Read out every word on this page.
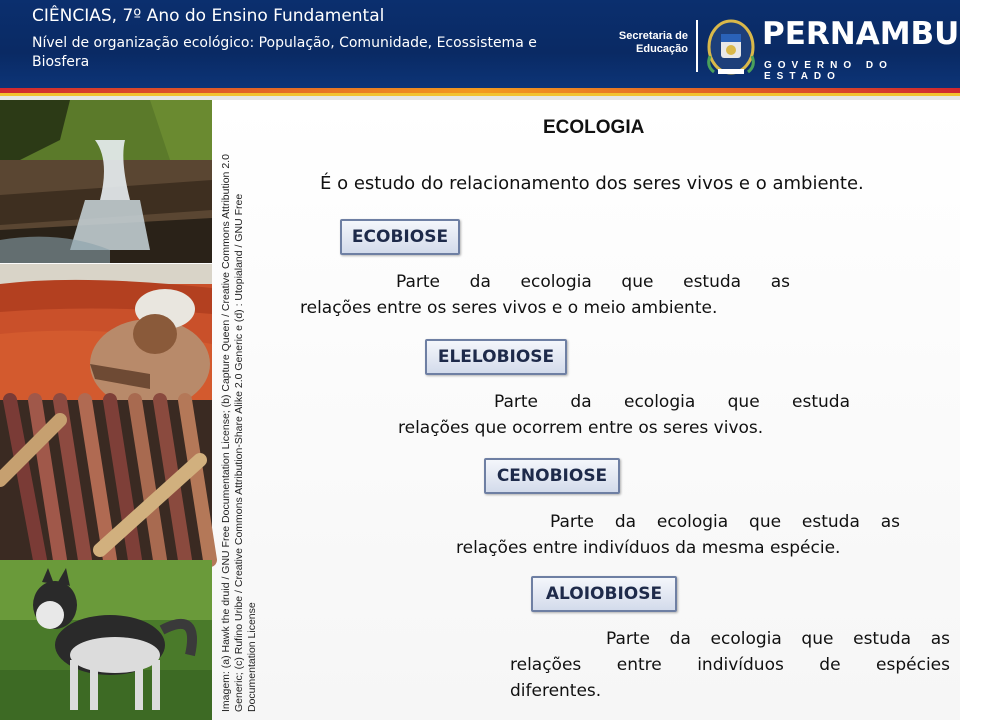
CIÊNCIAS, 7º Ano do Ensino Fundamental
Nível de organização ecológico: População, Comunidade, Ecossistema e Biosfera
Secretaria de Educação PERNAMBUCO
GOVERNO DO ESTADO
Imagem: (a) Hawk the druid / GNU Free Documentation License; (b) Capture Queen / Creative Commons Attribution 2.0 Generic; (c) Rufino Uribe / Creative Commons Attribution-Share Alike 2.0 Generic e (d) : Utopialand / GNU Free Documentation License
ECOLOGIA
É o estudo do relacionamento dos seres vivos e o ambiente.
ECOBIOSE
Parte da ecologia que estuda as
relações entre os seres vivos e o meio ambiente.
ELELOBIOSE
Parte da ecologia que estuda
relações que ocorrem entre os seres vivos.
CENOBIOSE
Parte da ecologia que estuda as
relações entre indivíduos da mesma espécie.
ALOIOBIOSE
Parte da ecologia que estuda as
relações entre indivíduos de espécies
diferentes.
